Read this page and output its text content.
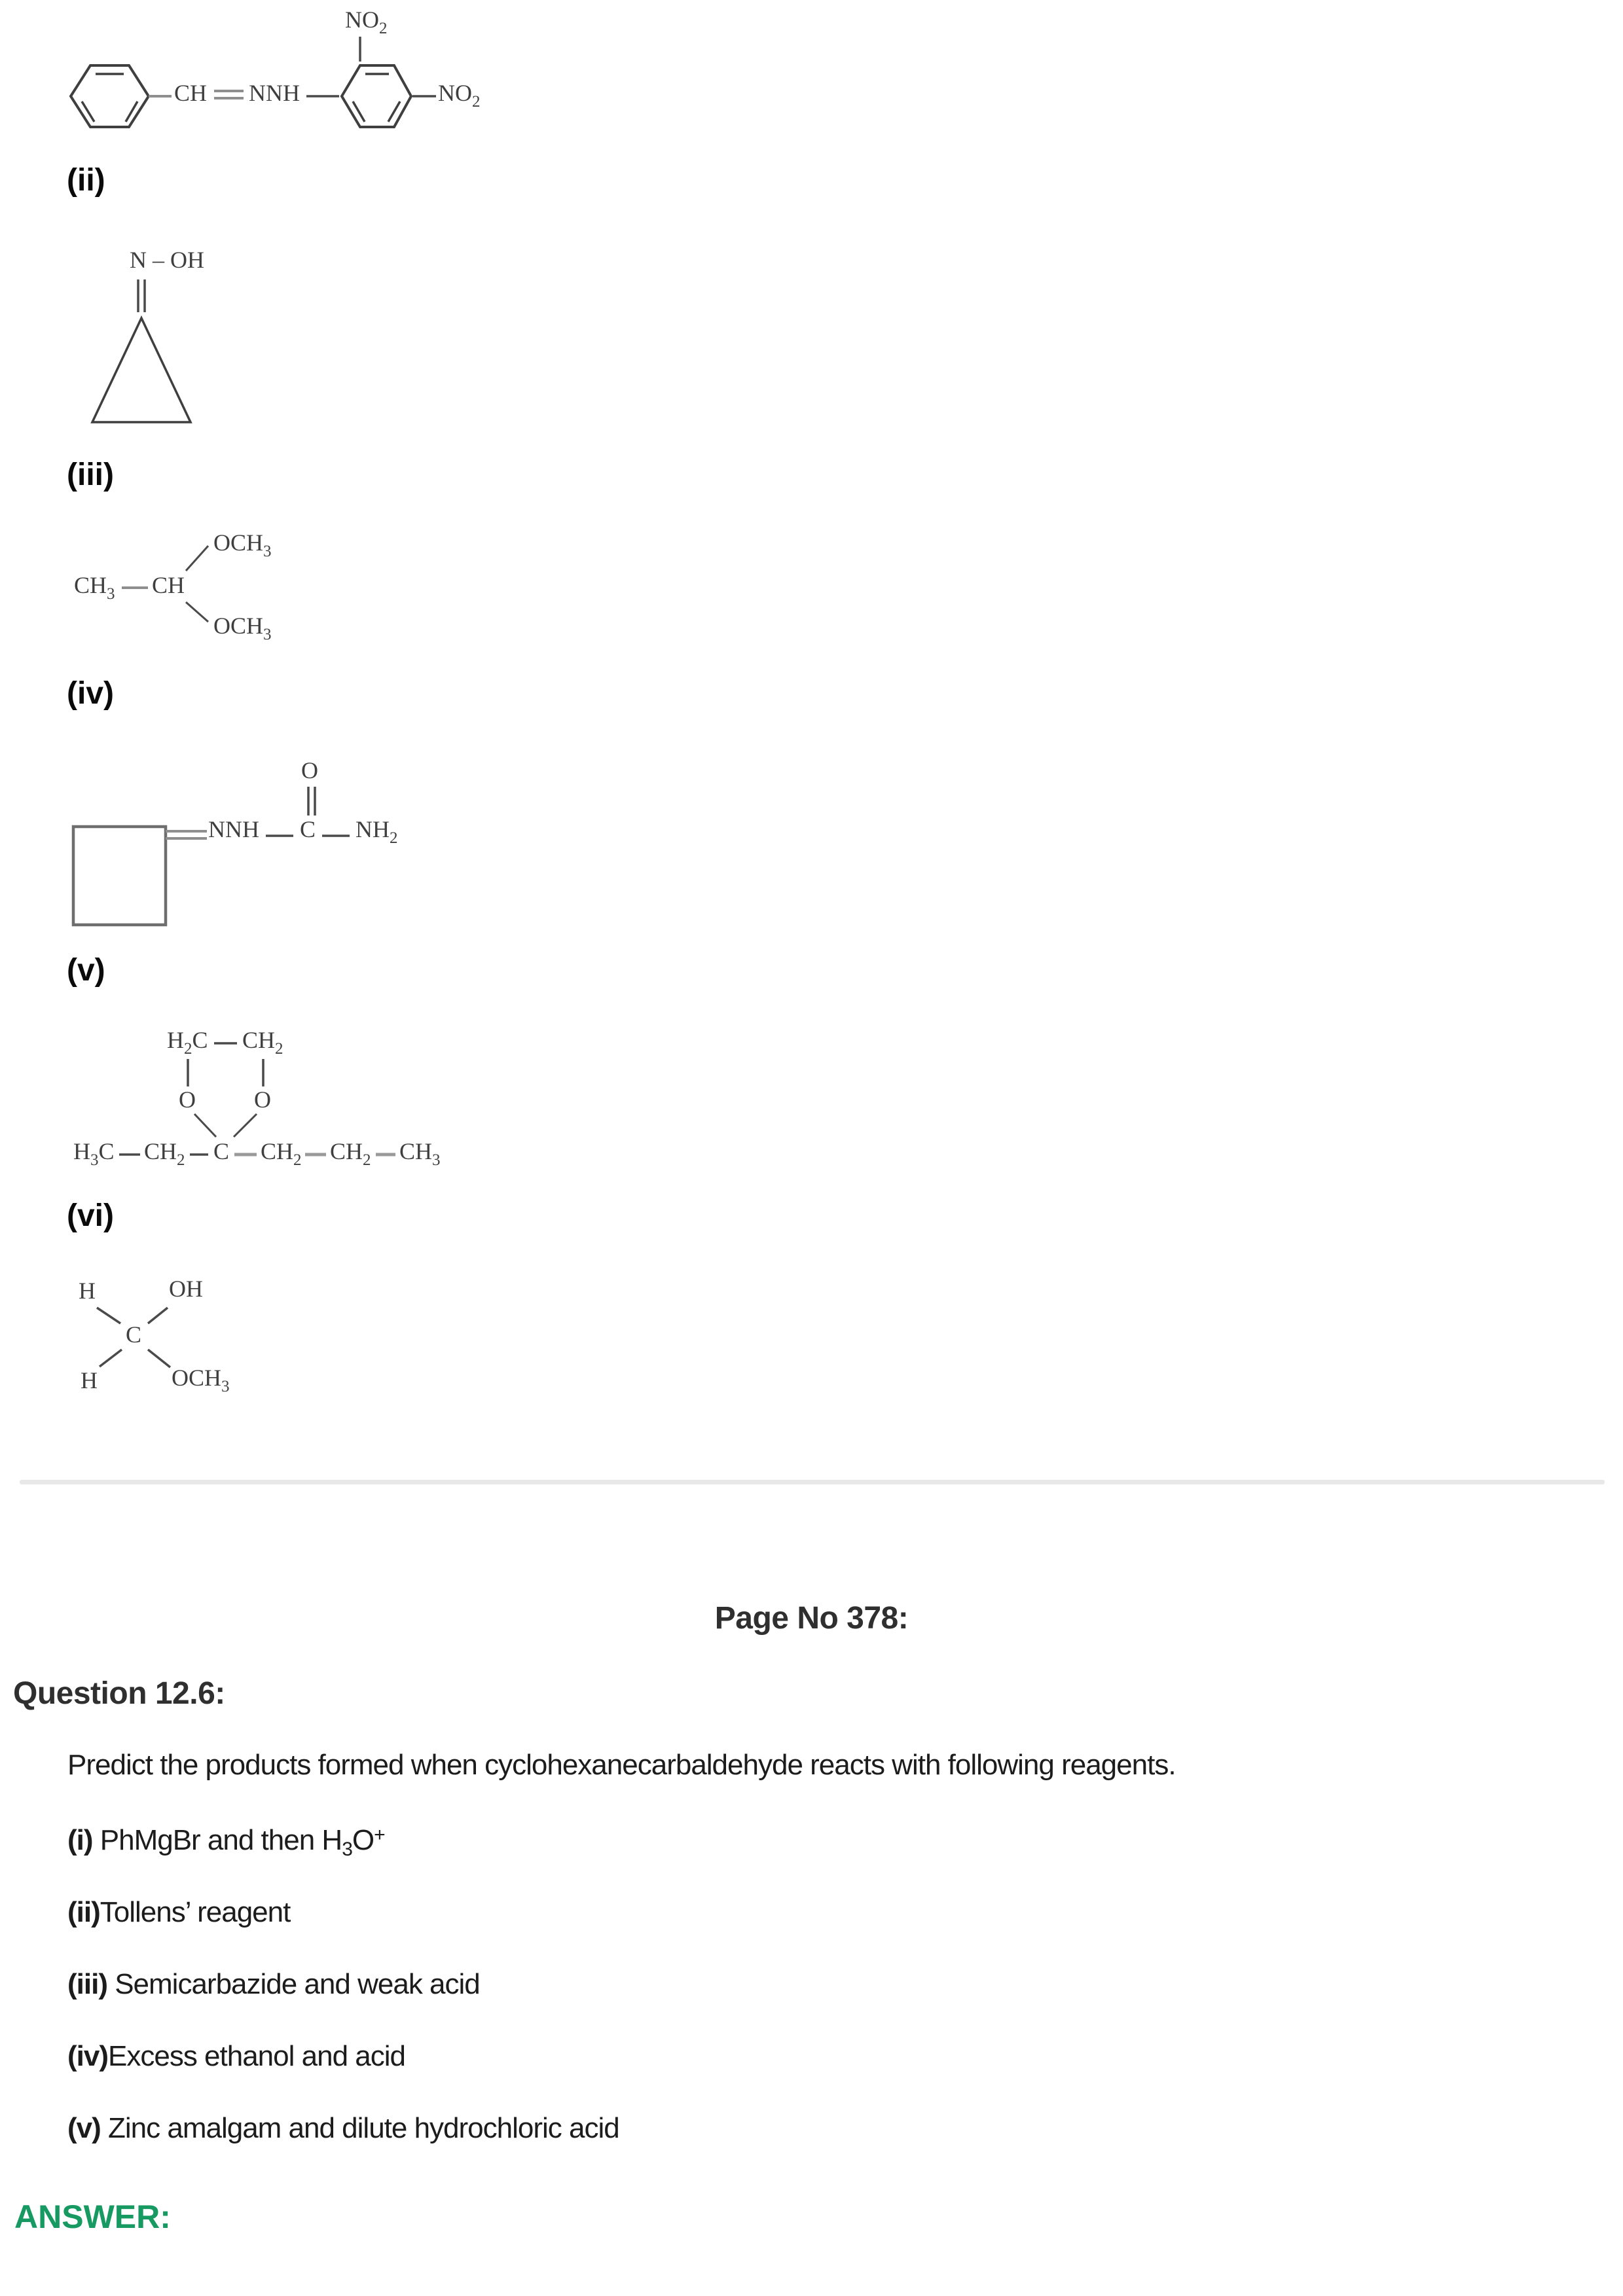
CH NNH
$NO_2$
$NO_2$
N – OH
$CH_3$ CH
$OCH_3$
$OCH_3$
O
NNH C $NH_2$
$H_2C$ $CH_2$
O O
$H_3C$ $CH_2$ C $CH_2$ $CH_2$ $CH_3$
H	OH
C
H	$OCH_3$
(ii)
(iii)
(iv)
(v)
(vi)
Page No 378:
Question 12.6:
Predict the products formed when cyclohexanecarbaldehyde reacts with following reagents.
(i) PhMgBr and then $H_3O^+$
(ii)Tollens’ reagent
(iii) Semicarbazide and weak acid
(iv)Excess ethanol and acid
(v) Zinc amalgam and dilute hydrochloric acid
ANSWER:
